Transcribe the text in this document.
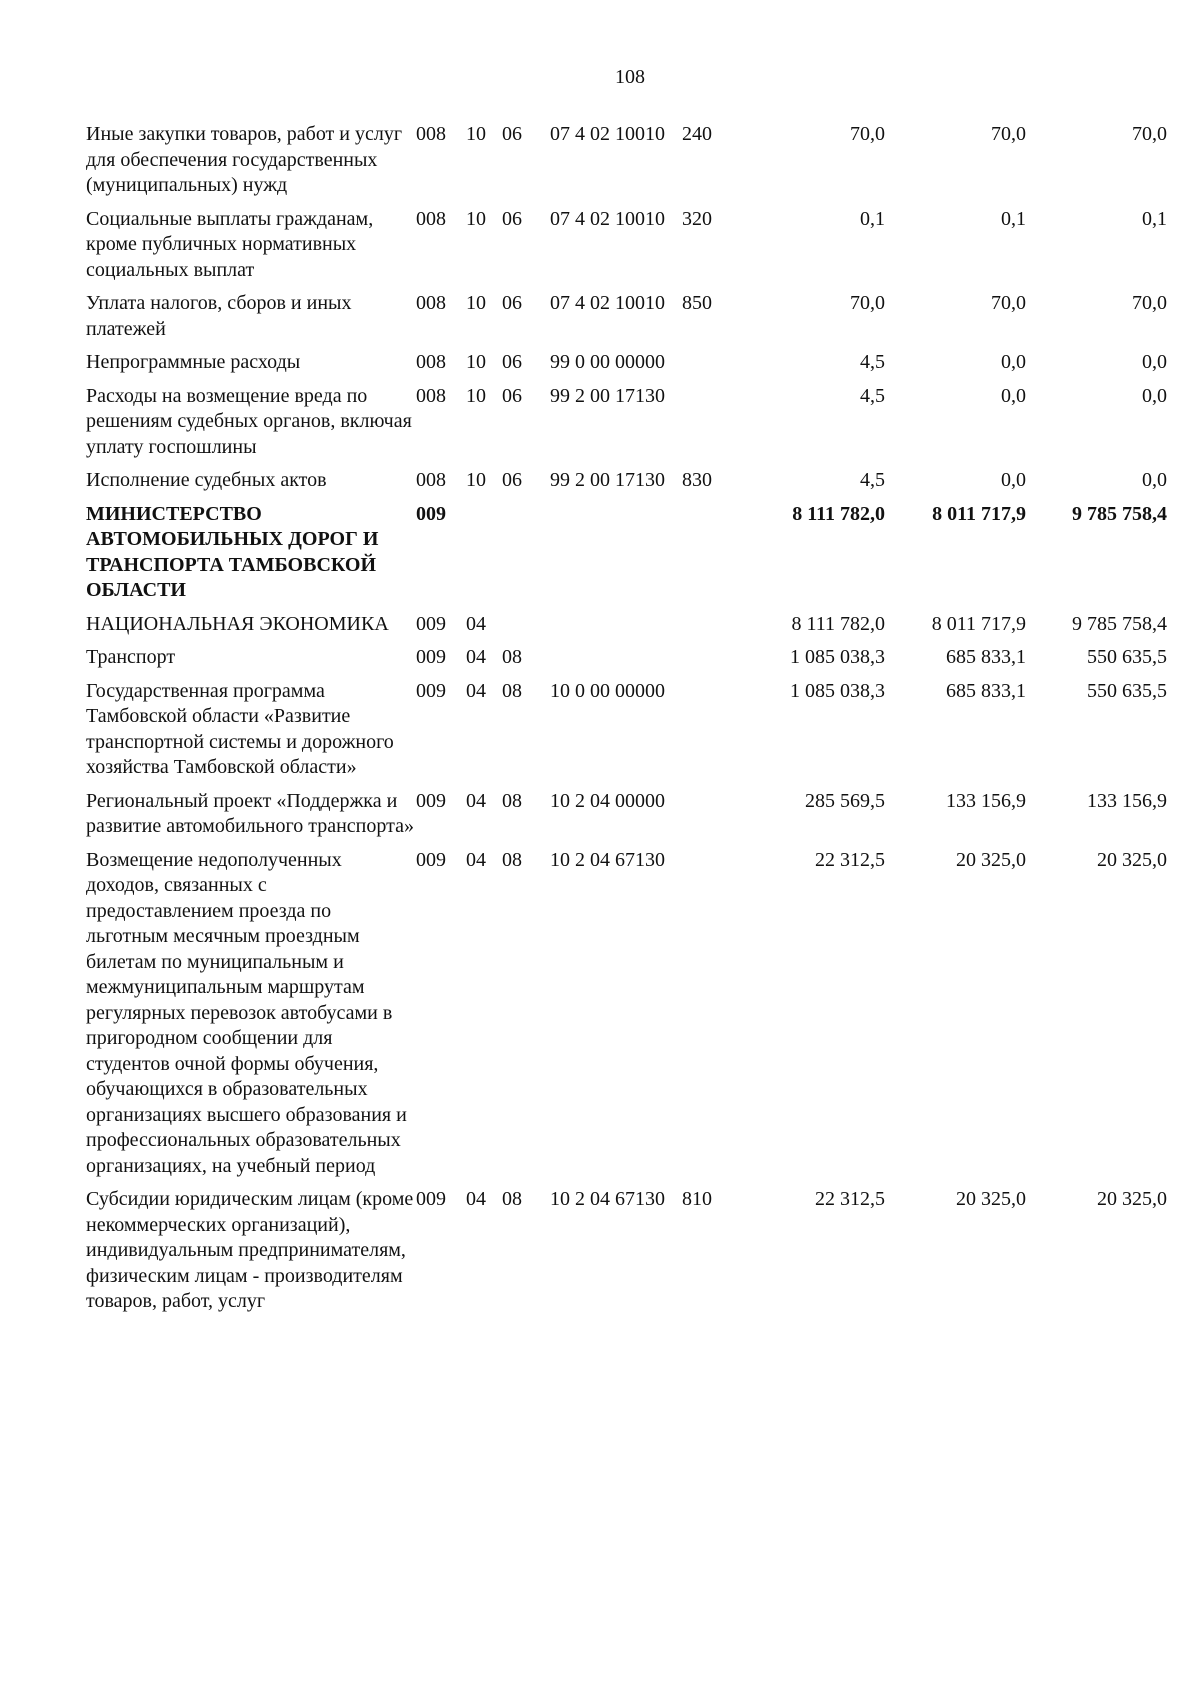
108
Иные закупки товаров, работ и услуг для обеспечения государственных (муниципальных) нужд	008	10	06	07 4 02 10010	240	70,0	70,0	70,0
Социальные выплаты гражданам, кроме публичных нормативных социальных выплат	008	10	06	07 4 02 10010	320	0,1	0,1	0,1
Уплата налогов, сборов и иных платежей	008	10	06	07 4 02 10010	850	70,0	70,0	70,0
Непрограммные расходы	008	10	06	99 0 00 00000		4,5	0,0	0,0
Расходы на возмещение вреда по решениям судебных органов, включая уплату госпошлины	008	10	06	99 2 00 17130		4,5	0,0	0,0
Исполнение судебных актов	008	10	06	99 2 00 17130	830	4,5	0,0	0,0
МИНИСТЕРСТВО АВТОМОБИЛЬНЫХ ДОРОГ И ТРАНСПОРТА ТАМБОВСКОЙ ОБЛАСТИ	009					8 111 782,0	8 011 717,9	9 785 758,4
НАЦИОНАЛЬНАЯ ЭКОНОМИКА	009	04				8 111 782,0	8 011 717,9	9 785 758,4
Транспорт	009	04	08			1 085 038,3	685 833,1	550 635,5
Государственная программа Тамбовской области «Развитие транспортной системы и дорожного хозяйства Тамбовской области»	009	04	08	10 0 00 00000		1 085 038,3	685 833,1	550 635,5
Региональный проект «Поддержка и развитие автомобильного транспорта»	009	04	08	10 2 04 00000		285 569,5	133 156,9	133 156,9
Возмещение недополученных доходов, связанных с предоставлением проезда по льготным месячным проездным билетам по муниципальным и межмуниципальным маршрутам регулярных перевозок автобусами в пригородном сообщении для студентов очной формы обучения, обучающихся в образовательных организациях высшего образования и профессиональных образовательных организациях, на учебный период	009	04	08	10 2 04 67130		22 312,5	20 325,0	20 325,0
Субсидии юридическим лицам (кроме некоммерческих организаций), индивидуальным предпринимателям, физическим лицам - производителям товаров, работ, услуг	009	04	08	10 2 04 67130	810	22 312,5	20 325,0	20 325,0
